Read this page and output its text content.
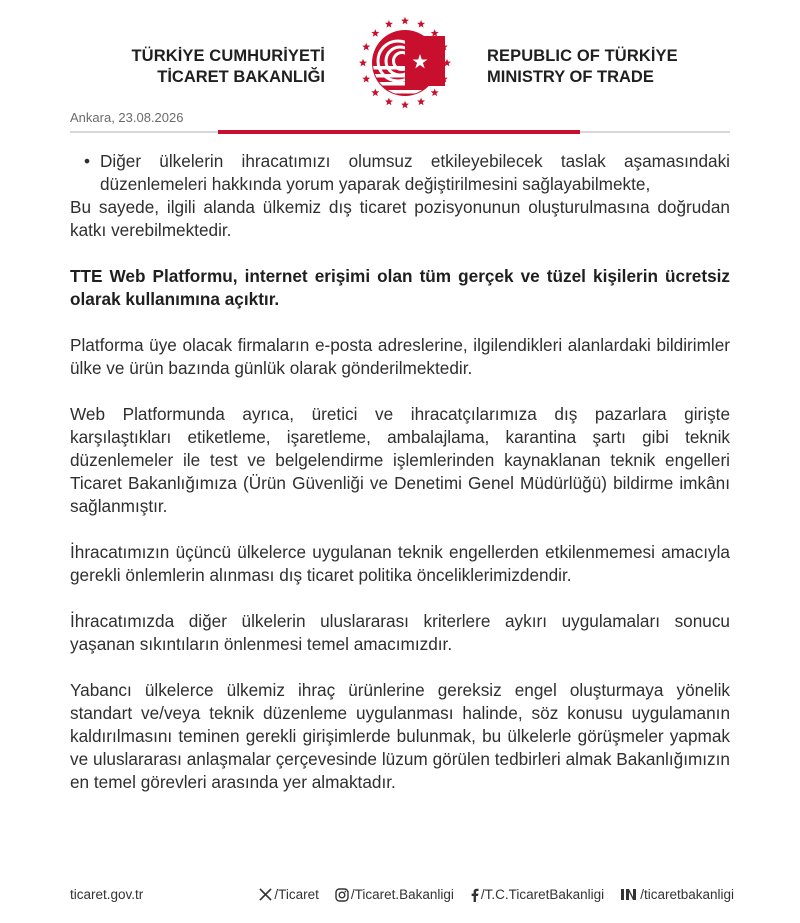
TÜRKİYE CUMHURİYETİ
TİCARET BAKANLIĞI
REPUBLIC OF TÜRKİYE
MINISTRY OF TRADE
Ankara, 23.08.2026
• Diğer ülkelerin ihracatımızı olumsuz etkileyebilecek taslak aşamasındaki düzenlemeleri hakkında yorum yaparak değiştirilmesini sağlayabilmekte,

Bu sayede, ilgili alanda ülkemiz dış ticaret pozisyonunun oluşturulmasına doğrudan katkı verebilmektedir.

TTE Web Platformu, internet erişimi olan tüm gerçek ve tüzel kişilerin ücretsiz olarak kullanımına açıktır.

Platforma üye olacak firmaların e-posta adreslerine, ilgilendikleri alanlardaki bildirimler ülke ve ürün bazında günlük olarak gönderilmektedir.

Web Platformunda ayrıca, üretici ve ihracatçılarımıza dış pazarlara girişte karşılaştıkları etiketleme, işaretleme, ambalajlama, karantina şartı gibi teknik düzenlemeler ile test ve belgelendirme işlemlerinden kaynaklanan teknik engelleri Ticaret Bakanlığımıza (Ürün Güvenliği ve Denetimi Genel Müdürlüğü) bildirme imkânı sağlanmıştır.

İhracatımızın üçüncü ülkelerce uygulanan teknik engellerden etkilenmemesi amacıyla gerekli önlemlerin alınması dış ticaret politika önceliklerimizdendir.

İhracatımızda diğer ülkelerin uluslararası kriterlere aykırı uygulamaları sonucu yaşanan sıkıntıların önlenmesi temel amacımızdır.

Yabancı ülkelerce ülkemiz ihraç ürünlerine gereksiz engel oluşturmaya yönelik standart ve/veya teknik düzenleme uygulanması halinde, söz konusu uygulamanın kaldırılmasını teminen gerekli girişimlerde bulunmak, bu ülkelerle görüşmeler yapmak ve uluslararası anlaşmalar çerçevesinde lüzum görülen tedbirleri almak Bakanlığımızın en temel görevleri arasında yer almaktadır.

ticaret.gov.tr	/Ticaret /Ticaret.Bakanligi /T.C.TicaretBakanligi	/ticaretbakanligi
